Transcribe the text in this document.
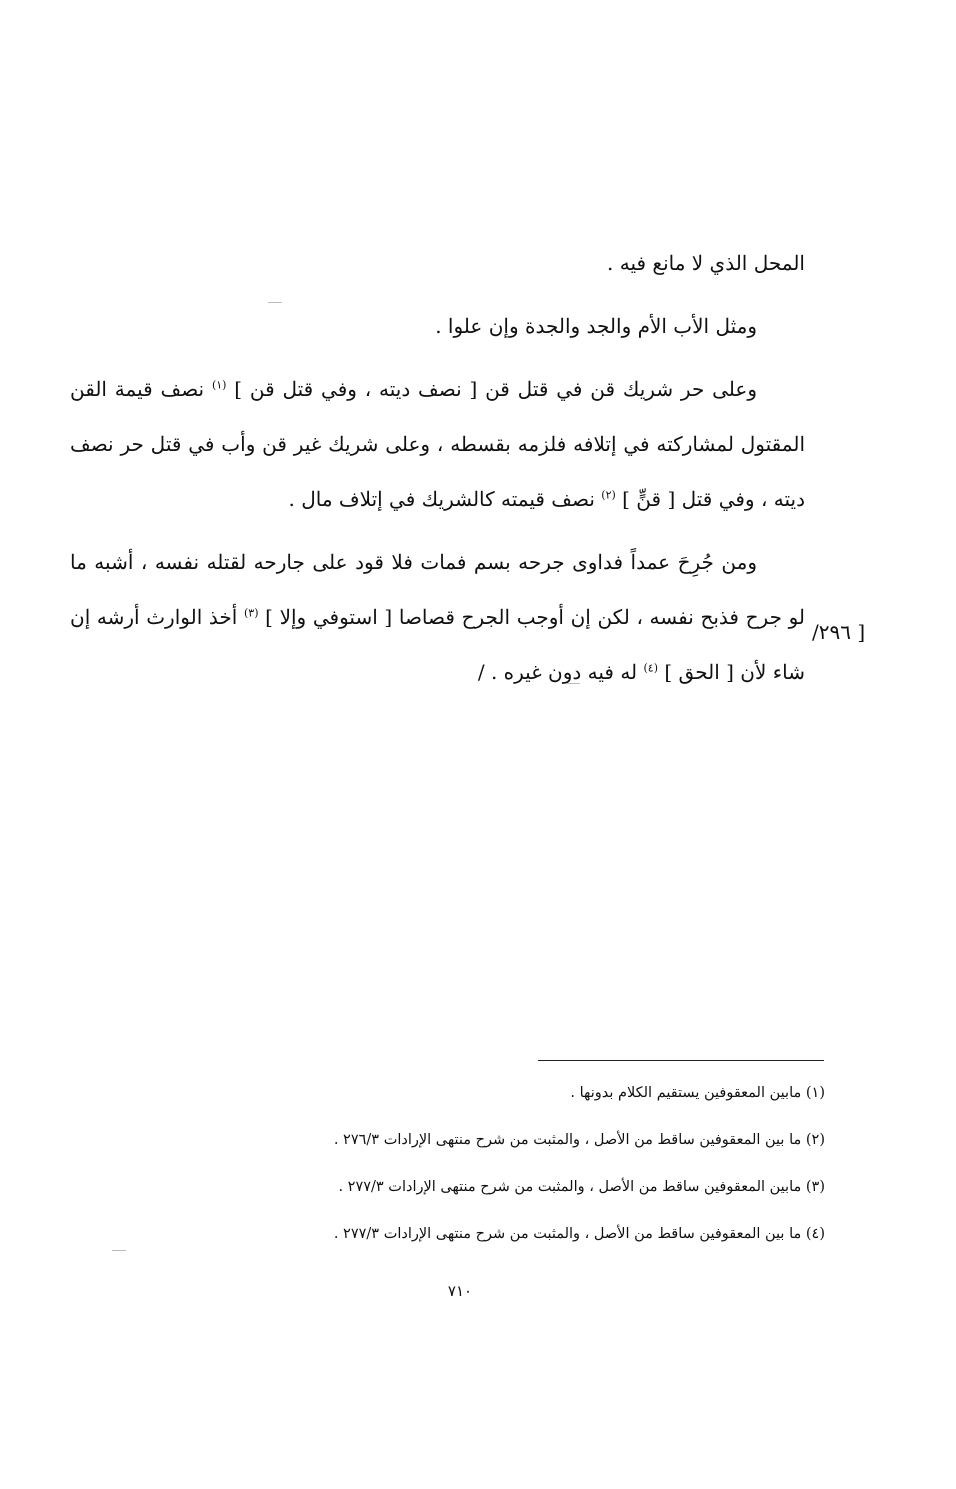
المحل الذي لا مانع فيه .

ومثل الأب الأم والجد والجدة وإن علوا .

وعلى حر شريك قن في قتل قن [ نصف ديته ، وفي قتل قن ] $^{(١)}$ نصف قيمة القن المقتول لمشاركته في إتلافه فلزمه بقسطه ، وعلى شريك غير قن وأب في قتل حر نصف ديته ، وفي قتل [ قنٍّ ] $^{(٢)}$ نصف قيمته كالشريك في إتلاف مال .

ومن جُرِحَ عمداً فداوى جرحه بسم فمات فلا قود على جارحه لقتله نفسه ، أشبه ما لو جرح فذبح نفسه ، لكن إن أوجب الجرح قصاصا [ استوفي وإلا ] $^{(٣)}$ أخذ الوارث أرشه إن شاء لأن [ الحق ] $^{(٤)}$ له فيه دون غيره . /

[ ٢٩٦/
(١) مابين المعقوفين يستقيم الكلام بدونها .
(٢) ما بين المعقوفين ساقط من الأصل ، والمثبت من شرح منتهى الإرادات ٢٧٦/٣ .
(٣) مابين المعقوفين ساقط من الأصل ، والمثبت من شرح منتهى الإرادات ٢٧٧/٣ .
(٤) ما بين المعقوفين ساقط من الأصل ، والمثبت من شرح منتهى الإرادات ٢٧٧/٣ .
٧١٠
